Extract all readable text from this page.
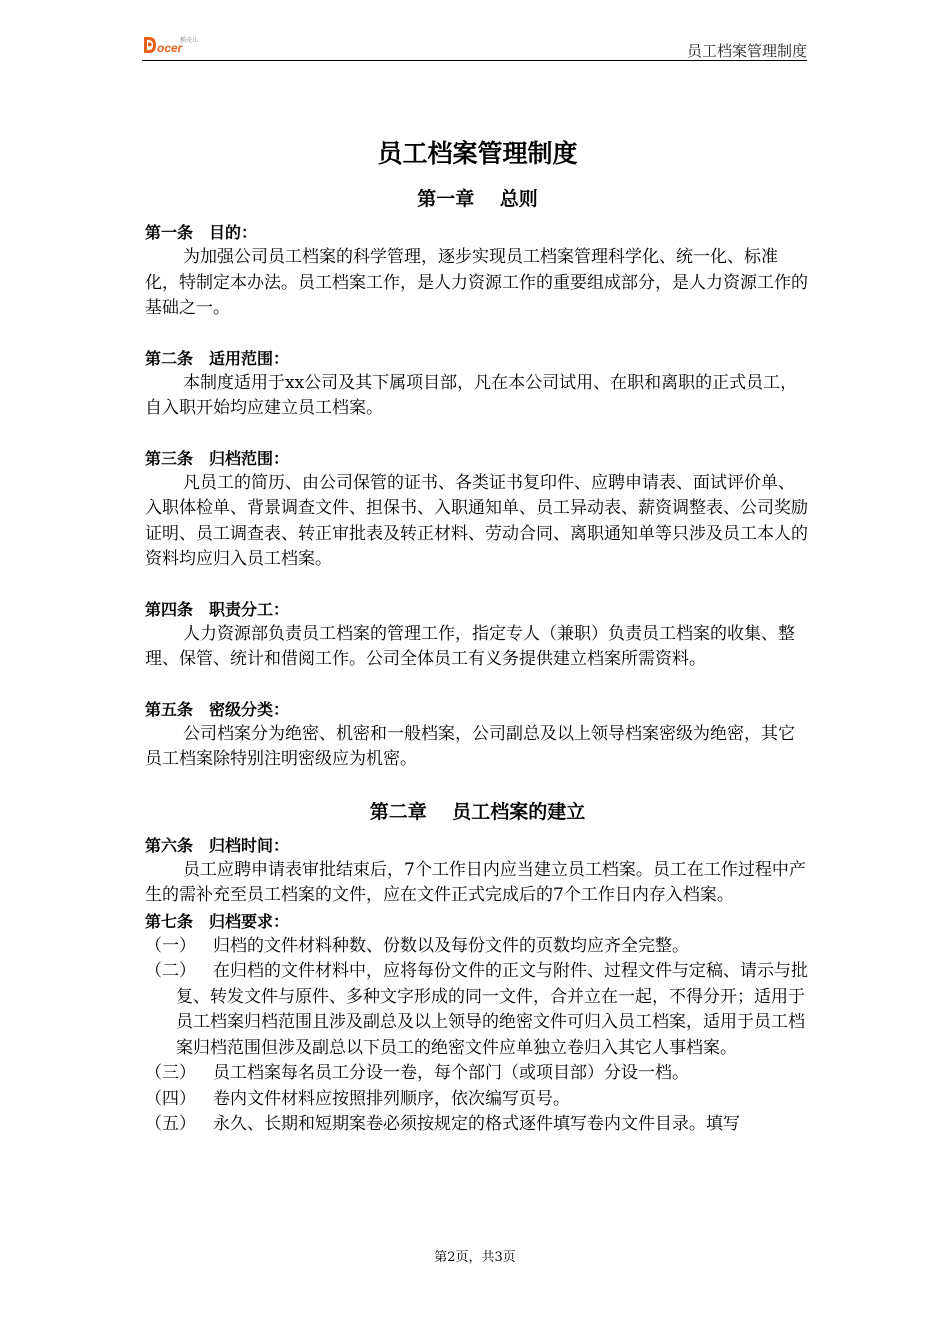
ocer
稻壳儿
员工档案管理制度
员工档案管理制度
第一章　 总则
第一条　目的：

为加强公司员工档案的科学管理，逐步实现员工档案管理科学化、统一化、标准化，特制定本办法。员工档案工作，是人力资源工作的重要组成部分，是人力资源工作的基础之一。

第二条　适用范围：

本制度适用于xx公司及其下属项目部，凡在本公司试用、在职和离职的正式员工，自入职开始均应建立员工档案。

第三条　归档范围：

凡员工的简历、由公司保管的证书、各类证书复印件、应聘申请表、面试评价单、入职体检单、背景调查文件、担保书、入职通知单、员工异动表、薪资调整表、公司奖励证明、员工调查表、转正审批表及转正材料、劳动合同、离职通知单等只涉及员工本人的资料均应归入员工档案。

第四条　职责分工：

人力资源部负责员工档案的管理工作，指定专人（兼职）负责员工档案的收集、整理、保管、统计和借阅工作。公司全体员工有义务提供建立档案所需资料。

第五条　密级分类：

公司档案分为绝密、机密和一般档案，公司副总及以上领导档案密级为绝密，其它员工档案除特别注明密级应为机密。

第二章　 员工档案的建立
第六条　归档时间：

员工应聘申请表审批结束后，7个工作日内应当建立员工档案。员工在工作过程中产生的需补充至员工档案的文件，应在文件正式完成后的7个工作日内存入档案。

第七条　归档要求：

（一） 归档的文件材料种数、份数以及每份文件的页数均应齐全完整。

（二） 在归档的文件材料中，应将每份文件的正文与附件、过程文件与定稿、请示与批复、转发文件与原件、多种文字形成的同一文件，合并立在一起，不得分开；适用于员工档案归档范围且涉及副总及以上领导的绝密文件可归入员工档案，适用于员工档案归档范围但涉及副总以下员工的绝密文件应单独立卷归入其它人事档案。

（三） 员工档案每名员工分设一卷，每个部门（或项目部）分设一档。

（四） 卷内文件材料应按照排列顺序，依次编写页号。

（五） 永久、长期和短期案卷必须按规定的格式逐件填写卷内文件目录。填写

第2页，共3页
